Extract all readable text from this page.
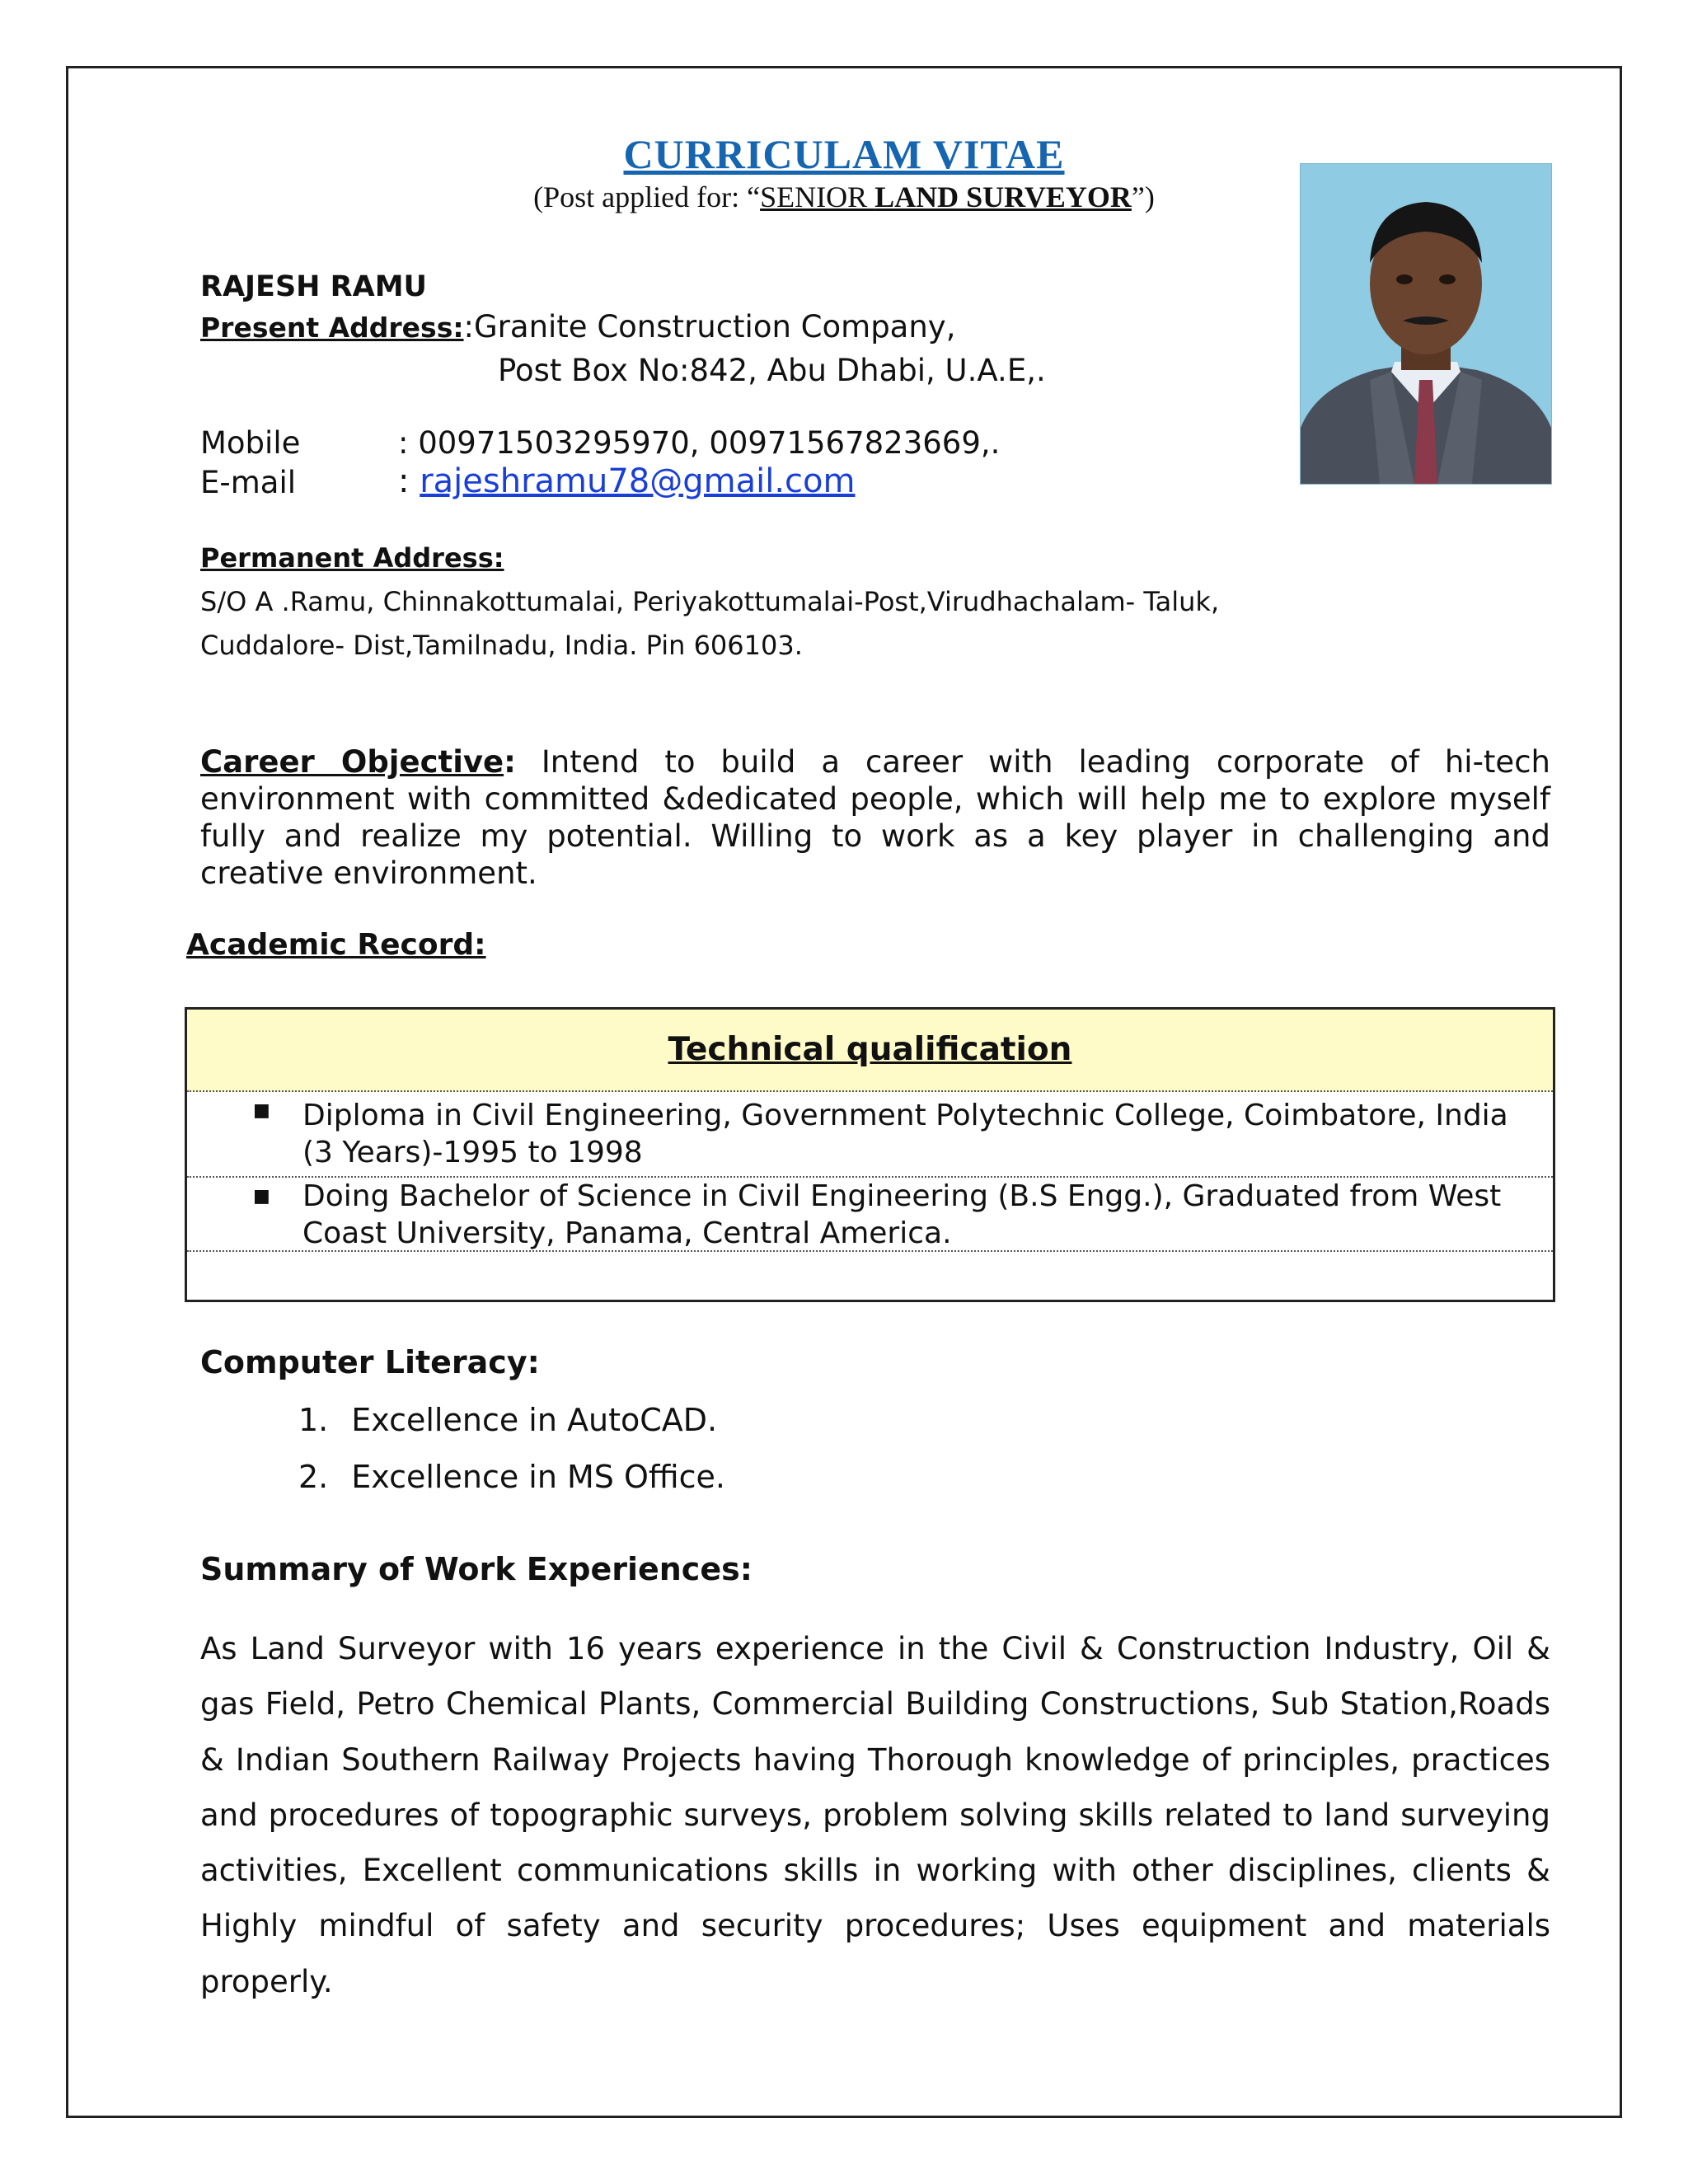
CURRICULAM VITAE
(Post applied for: “SENIOR LAND SURVEYOR”)
RAJESH RAMU
Present Address::Granite Construction Company,
Post Box No:842, Abu Dhabi, U.A.E,.
Mobile	: 00971503295970, 00971567823669,.
E-mail	: rajeshramu78@gmail.com
Permanent Address:
S/O A .Ramu, Chinnakottumalai, Periyakottumalai-Post,Virudhachalam- Taluk,
Cuddalore- Dist,Tamilnadu, India. Pin 606103.
Career Objective: Intend to build a career with leading corporate of hi-tech environment with committed &dedicated people, which will help me to explore myself fully and realize my potential. Willing to work as a key player in challenging and creative environment.
Academic Record:
Technical qualification
■ Diploma in Civil Engineering, Government Polytechnic College, Coimbatore, India (3 Years)-1995 to 1998
■ Doing Bachelor of Science in Civil Engineering (B.S Engg.), Graduated from West Coast University, Panama, Central America.
Computer Literacy:
1. Excellence in AutoCAD.
2. Excellence in MS Office.
Summary of Work Experiences:
As Land Surveyor with 16 years experience in the Civil & Construction Industry, Oil & gas Field, Petro Chemical Plants, Commercial Building Constructions, Sub Station,Roads & Indian Southern Railway Projects having Thorough knowledge of principles, practices and procedures of topographic surveys, problem solving skills related to land surveying activities, Excellent communications skills in working with other disciplines, clients & Highly mindful of safety and security procedures; Uses equipment and materials properly.
